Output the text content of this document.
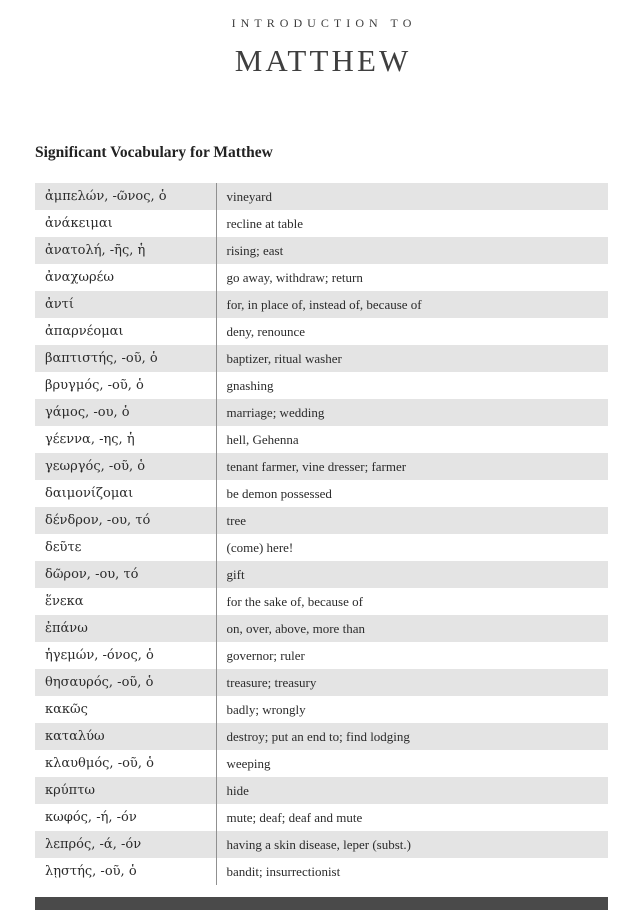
INTRODUCTION TO
MATTHEW
Significant Vocabulary for Matthew
ἀμπελών, -ῶνος, ὁ	vineyard
ἀνάκειμαι	recline at table
ἀνατολή, -ῆς, ἡ	rising; east
ἀναχωρέω	go away, withdraw; return
ἀντί	for, in place of, instead of, because of
ἀπαρνέομαι	deny, renounce
βαπτιστής, -οῦ, ὁ	baptizer, ritual washer
βρυγμός, -οῦ, ὁ	gnashing
γάμος, -ου, ὁ	marriage; wedding
γέεννα, -ης, ἡ	hell, Gehenna
γεωργός, -οῦ, ὁ	tenant farmer, vine dresser; farmer
δαιμονίζομαι	be demon possessed
δένδρον, -ου, τό	tree
δεῦτε	(come) here!
δῶρον, -ου, τό	gift
ἕνεκα	for the sake of, because of
ἐπάνω	on, over, above, more than
ἡγεμών, -όνος, ὁ	governor; ruler
θησαυρός, -οῦ, ὁ	treasure; treasury
κακῶς	badly; wrongly
καταλύω	destroy; put an end to; find lodging
κλαυθμός, -οῦ, ὁ	weeping
κρύπτω	hide
κωφός, -ή, -όν	mute; deaf; deaf and mute
λεπρός, -ά, -όν	having a skin disease, leper (subst.)
λῃστής, -οῦ, ὁ	bandit; insurrectionist
